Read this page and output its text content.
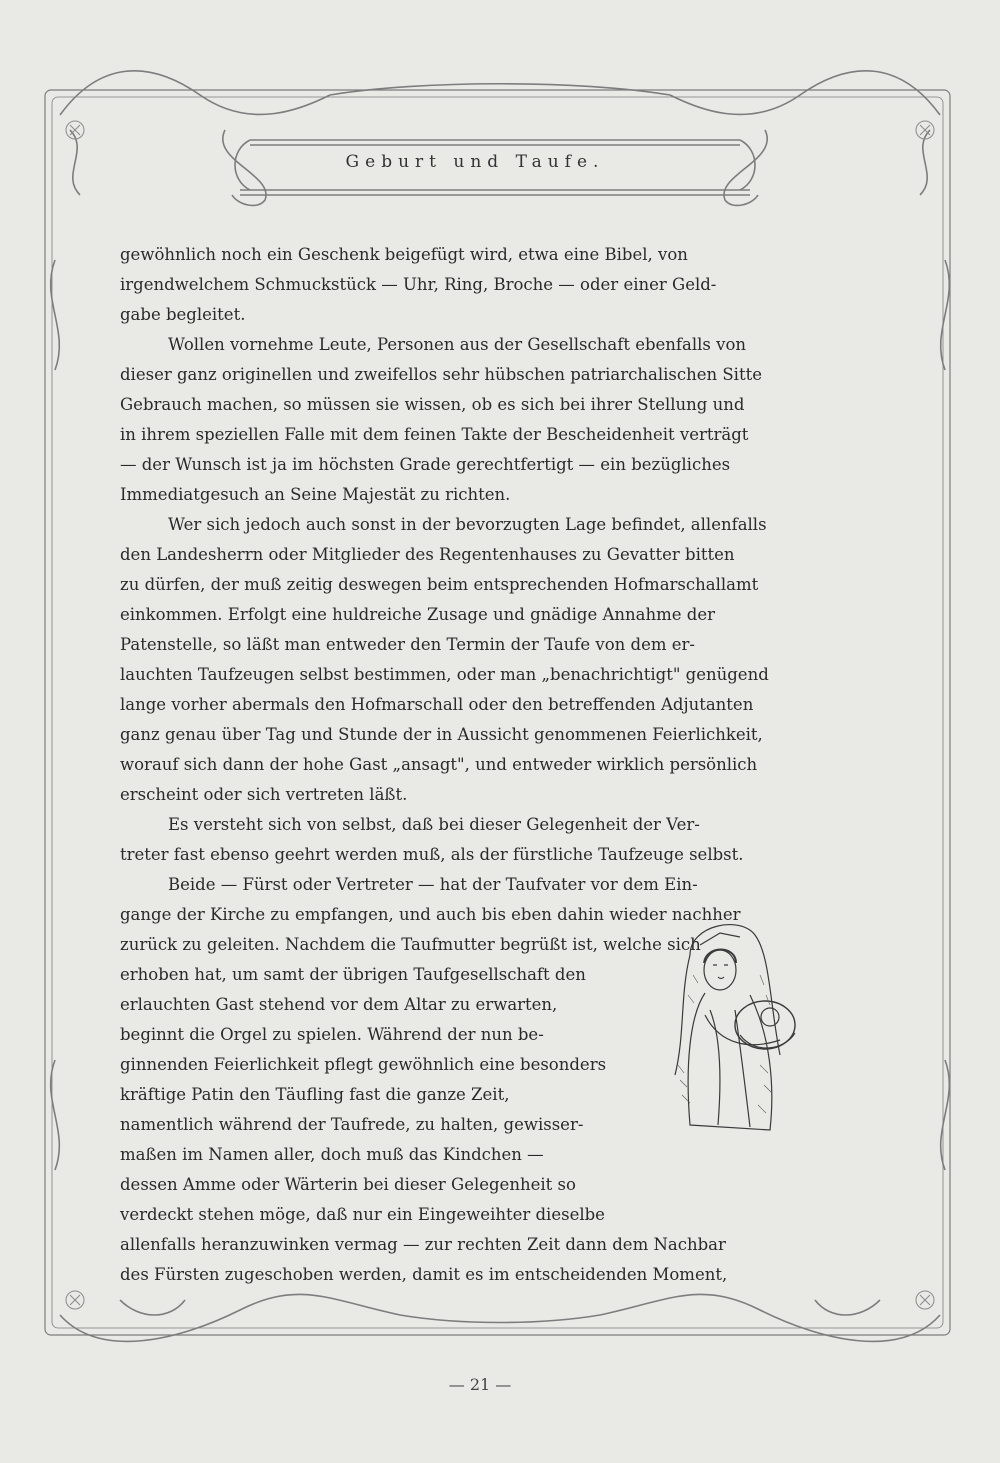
Geburt und Taufe.

gewöhnlich noch ein Geschenk beigefügt wird, etwa eine Bibel, von
irgendwelchem Schmuckstück — Uhr, Ring, Broche — oder einer Geld-
gabe begleitet.

Wollen vornehme Leute, Personen aus der Gesellschaft ebenfalls von
dieser ganz originellen und zweifellos sehr hübschen patriarchalischen Sitte
Gebrauch machen, so müssen sie wissen, ob es sich bei ihrer Stellung und
in ihrem speziellen Falle mit dem feinen Takte der Bescheidenheit verträgt
— der Wunsch ist ja im höchsten Grade gerechtfertigt — ein bezügliches
Immediatgesuch an Seine Majestät zu richten.

Wer sich jedoch auch sonst in der bevorzugten Lage befindet, allenfalls
den Landesherrn oder Mitglieder des Regentenhauses zu Gevatter bitten
zu dürfen, der muß zeitig deswegen beim entsprechenden Hofmarschallamt
einkommen. Erfolgt eine huldreiche Zusage und gnädige Annahme der
Patenstelle, so läßt man entweder den Termin der Taufe von dem er-
lauchten Taufzeugen selbst bestimmen, oder man „benachrichtigt" genügend
lange vorher abermals den Hofmarschall oder den betreffenden Adjutanten
ganz genau über Tag und Stunde der in Aussicht genommenen Feierlichkeit,
worauf sich dann der hohe Gast „ansagt", und entweder wirklich persönlich
erscheint oder sich vertreten läßt.

Es versteht sich von selbst, daß bei dieser Gelegenheit der Ver-
treter fast ebenso geehrt werden muß, als der fürstliche Taufzeuge selbst.

Beide — Fürst oder Vertreter — hat der Taufvater vor dem Ein-
gange der Kirche zu empfangen, und auch bis eben dahin wieder nachher
zurück zu geleiten. Nachdem die Taufmutter begrüßt ist, welche sich

erhoben hat, um samt der übrigen Taufgesellschaft den
erlauchten Gast stehend vor dem Altar zu erwarten,
beginnt die Orgel zu spielen. Während der nun be-
ginnenden Feierlichkeit pflegt gewöhnlich eine besonders
kräftige Patin den Täufling fast die ganze Zeit,
namentlich während der Taufrede, zu halten, gewisser-
maßen im Namen aller, doch muß das Kindchen —
dessen Amme oder Wärterin bei dieser Gelegenheit so
verdeckt stehen möge, daß nur ein Eingeweihter dieselbe

allenfalls heranzuwinken vermag — zur rechten Zeit dann dem Nachbar
des Fürsten zugeschoben werden, damit es im entscheidenden Moment,

— 21 —
